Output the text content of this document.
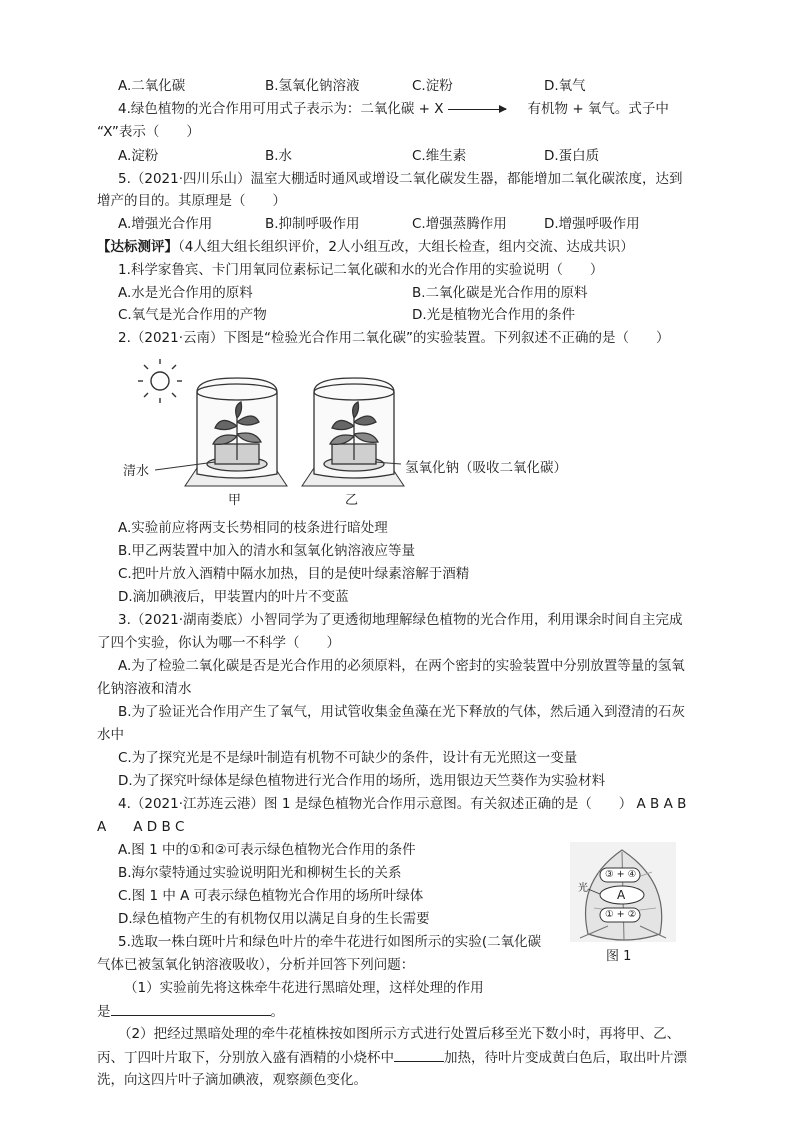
A.二氧化碳	B.氢氧化钠溶液	C.淀粉	D.氧气
4.绿色植物的光合作用可用式子表示为：二氧化碳 + X	有机物 + 氧气。式子中
“X”表示（　　）
A.淀粉	B.水	C.维生素	D.蛋白质
5.（2021·四川乐山）温室大棚适时通风或增设二氧化碳发生器，都能增加二氧化碳浓度，达到
增产的目的。其原理是（　　）
A.增强光合作用	B.抑制呼吸作用	C.增强蒸腾作用	D.增强呼吸作用
【达标测评】（4人组大组长组织评价，2人小组互改，大组长检查，组内交流、达成共识）
1.科学家鲁宾、卡门用氧同位素标记二氧化碳和水的光合作用的实验说明（　　）
A.水是光合作用的原料	B.二氧化碳是光合作用的原料
C.氧气是光合作用的产物	D.光是植物光合作用的条件
2.（2021·云南）下图是“检验光合作用二氧化碳”的实验装置。下列叙述不正确的是（　　）
清水	氢氧化钠（吸收二氧化碳）
甲	乙
A.实验前应将两支长势相同的枝条进行暗处理
B.甲乙两装置中加入的清水和氢氧化钠溶液应等量
C.把叶片放入酒精中隔水加热，目的是使叶绿素溶解于酒精
D.滴加碘液后，甲装置内的叶片不变蓝
3.（2021·湖南娄底）小智同学为了更透彻地理解绿色植物的光合作用，利用课余时间自主完成
了四个实验，你认为哪一不科学（　　）
A.为了检验二氧化碳是否是光合作用的必须原料，在两个密封的实验装置中分别放置等量的氢氧
化钠溶液和清水
B.为了验证光合作用产生了氧气，用试管收集金鱼藻在光下释放的气体，然后通入到澄清的石灰
水中
C.为了探究光是不是绿叶制造有机物不可缺少的条件，设计有无光照这一变量
D.为了探究叶绿体是绿色植物进行光合作用的场所，选用银边天竺葵作为实验材料
4.（2021·江苏连云港）图 1 是绿色植物光合作用示意图。有关叙述正确的是（　　） A B A B
A　　A D B C
A.图 1 中的①和②可表示绿色植物光合作用的条件
B.海尔蒙特通过实验说明阳光和柳树生长的关系
C.图 1 中 A 可表示绿色植物光合作用的场所叶绿体
D.绿色植物产生的有机物仅用以满足自身的生长需要
光
③ + ④
A
① + ②
图 1
5.选取一株白斑叶片和绿色叶片的牵牛花进行如图所示的实验(二氧化碳
气体已被氢氧化钠溶液吸收），分析并回答下列问题：
（1）实验前先将这株牵牛花进行黑暗处理，这样处理的作用
是	。
（2）把经过黑暗处理的牵牛花植株按如图所示方式进行处置后移至光下数小时，再将甲、乙、
丙、丁四叶片取下，分别放入盛有酒精的小烧杯中	加热，待叶片变成黄白色后，取出叶片漂
洗，向这四片叶子滴加碘液，观察颜色变化。
